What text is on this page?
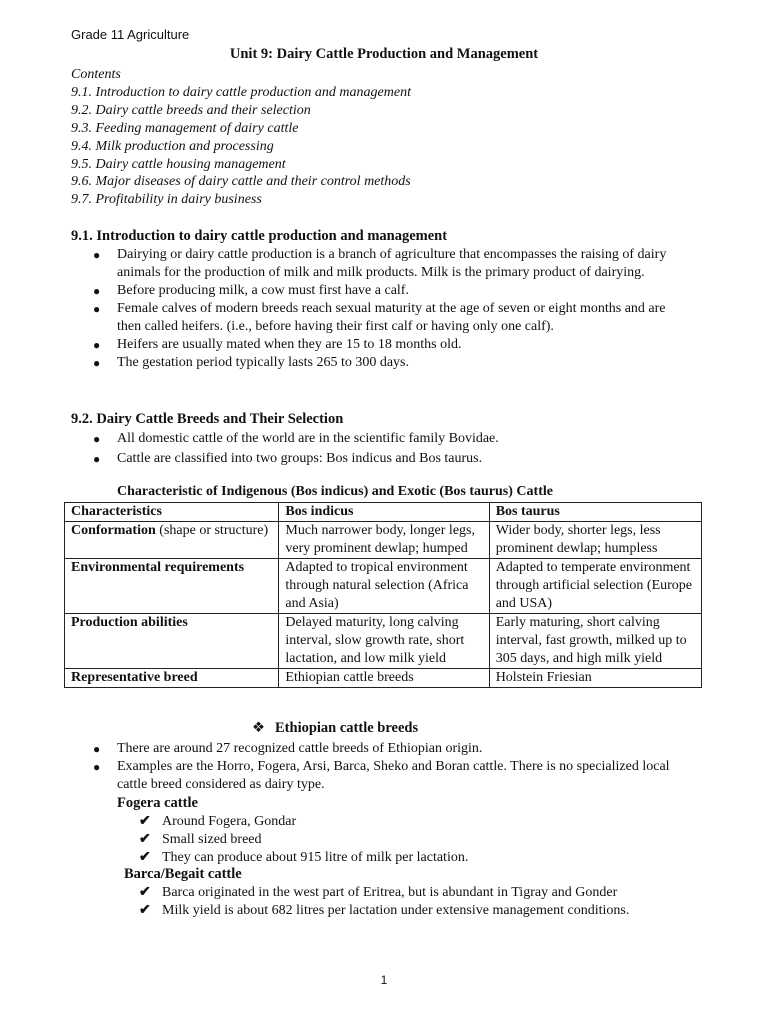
Grade 11 Agriculture
Unit 9: Dairy Cattle Production and Management
Contents
9.1. Introduction to dairy cattle production and management
9.2. Dairy cattle breeds and their selection
9.3. Feeding management of dairy cattle
9.4. Milk production and processing
9.5. Dairy cattle housing management
9.6. Major diseases of dairy cattle and their control methods
9.7. Profitability in dairy business
9.1. Introduction to dairy cattle production and management
● Dairying or dairy cattle production is a branch of agriculture that encompasses the raising of dairy animals for the production of milk and milk products. Milk is the primary product of dairying.
● Before producing milk, a cow must first have a calf.
● Female calves of modern breeds reach sexual maturity at the age of seven or eight months and are then called heifers. (i.e., before having their first calf or having only one calf).
● Heifers are usually mated when they are 15 to 18 months old.
● The gestation period typically lasts 265 to 300 days.
9.2. Dairy Cattle Breeds and Their Selection
● All domestic cattle of the world are in the scientific family Bovidae.
● Cattle are classified into two groups: Bos indicus and Bos taurus.
Characteristic of Indigenous (Bos indicus) and Exotic (Bos taurus) Cattle
Characteristics	Bos indicus	Bos taurus
Conformation (shape or structure)	Much narrower body, longer legs, very prominent dewlap; humped	Wider body, shorter legs, less prominent dewlap; humpless
Environmental requirements	Adapted to tropical environment through natural selection (Africa and Asia)	Adapted to temperate environment through artificial selection (Europe and USA)
Production abilities	Delayed maturity, long calving interval, slow growth rate, short lactation, and low milk yield	Early maturing, short calving interval, fast growth, milked up to 305 days, and high milk yield
Representative breed	Ethiopian cattle breeds	Holstein Friesian
❖ Ethiopian cattle breeds
● There are around 27 recognized cattle breeds of Ethiopian origin.
● Examples are the Horro, Fogera, Arsi, Barca, Sheko and Boran cattle. There is no specialized local cattle breed considered as dairy type.
Fogera cattle
✔ Around Fogera, Gondar
✔ Small sized breed
✔ They can produce about 915 litre of milk per lactation.
Barca/Begait cattle
✔ Barca originated in the west part of Eritrea, but is abundant in Tigray and Gonder
✔ Milk yield is about 682 litres per lactation under extensive management conditions.
1
